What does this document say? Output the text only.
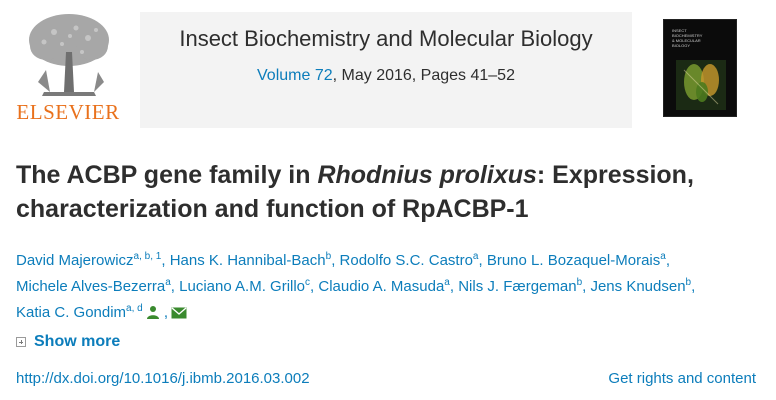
ELSEVIER
Insect Biochemistry and Molecular Biology
Volume 72, May 2016, Pages 41–52
INSECT
BIOCHEMISTRY
& MOLECULAR
BIOLOGY
The ACBP gene family in Rhodnius prolixus: Expression, characterization and function of RpACBP-1
David Majerowicz$^{a, b, 1}$, Hans K. Hannibal-Bach$^b$, Rodolfo S.C. Castro$^a$, Bruno L. Bozaquel-Morais$^a$,
Michele Alves-Bezerra$^a$, Luciano A.M. Grillo$^c$, Claudio A. Masuda$^a$, Nils J. Færgeman$^b$, Jens Knudsen$^b$,
Katia C. Gondim$^{a, d}$ ,
Show more
http://dx.doi.org/10.1016/j.ibmb.2016.03.002	Get rights and content
